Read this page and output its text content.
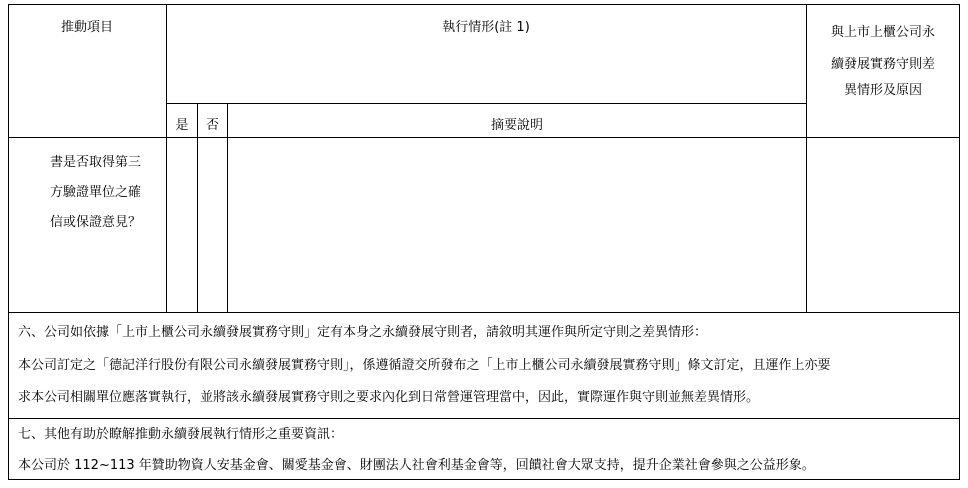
推動項目	執行情形(註 1)	與上市上櫃公司永
續發展實務守則差
異情形及原因
是	否	摘要說明
書是否取得第三
方驗證單位之確
信或保證意見？
六、公司如依據「上市上櫃公司永續發展實務守則」定有本身之永續發展守則者，請敘明其運作與所定守則之差異情形：
本公司訂定之「德記洋行股份有限公司永續發展實務守則」，係遵循證交所發布之「上市上櫃公司永續發展實務守則」條文訂定，且運作上亦要
求本公司相關單位應落實執行，並將該永續發展實務守則之要求內化到日常營運管理當中，因此，實際運作與守則並無差異情形。
七、其他有助於瞭解推動永續發展執行情形之重要資訊：
本公司於 112~113 年贊助物資人安基金會、關愛基金會、財團法人社會利基金會等，回饋社會大眾支持，提升企業社會參與之公益形象。
